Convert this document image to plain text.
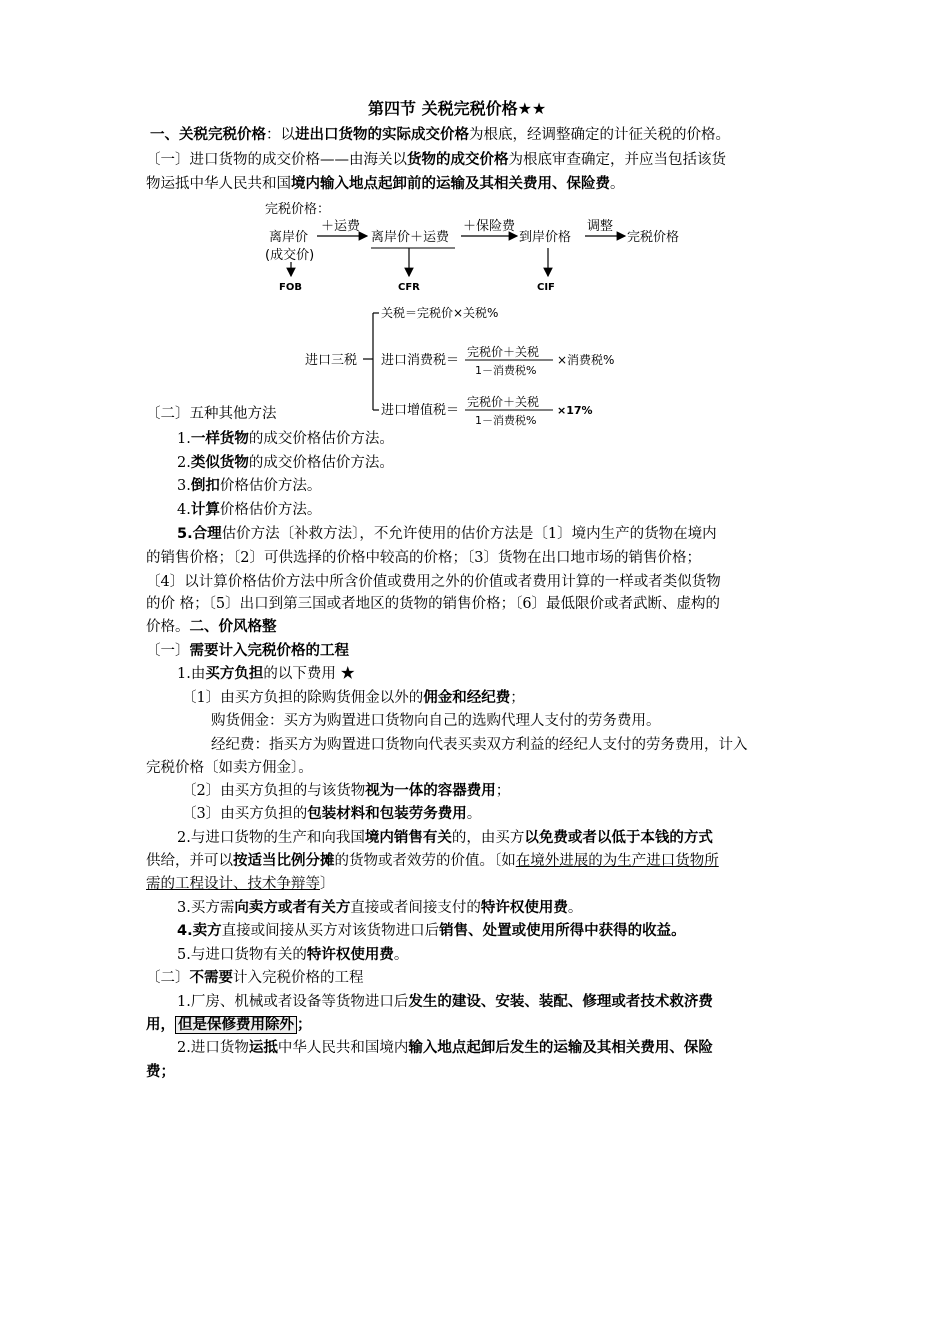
第四节 关税完税价格★★
一、关税完税价格：以进出口货物的实际成交价格为根底，经调整确定的计征关税的价格。
〔一〕进口货物的成交价格——由海关以货物的成交价格为根底审查确定，并应当包括该货
物运抵中华人民共和国境内输入地点起卸前的运输及其相关费用、保险费。
完税价格：
离岸价
(成交价)
＋运费
离岸价＋运费
＋保险费
到岸价格
调整
完税价格
FOB	CFR	CIF
进口三税
关税＝完税价×关税%
进口消费税＝
完税价＋关税
1－消费税%
×消费税%
进口增值税＝
完税价＋关税
1－消费税%
×17%
〔二〕五种其他方法
1.一样货物的成交价格估价方法。
2.类似货物的成交价格估价方法。
3.倒扣价格估价方法。
4.计算价格估价方法。
5.合理估价方法〔补救方法〕，不允许使用的估价方法是〔1〕境内生产的货物在境内
的销售价格；〔2〕可供选择的价格中较高的价格；〔3〕货物在出口地市场的销售价格；
〔4〕以计算价格估价方法中所含价值或费用之外的价值或者费用计算的一样或者类似货物
的价 格；〔5〕出口到第三国或者地区的货物的销售价格；〔6〕最低限价或者武断、虚构的
价格。二、价风格整
〔一〕需要计入完税价格的工程
1.由买方负担的以下费用 ★
〔1〕由买方负担的除购货佣金以外的佣金和经纪费；
购货佣金：买方为购置进口货物向自己的选购代理人支付的劳务费用。
经纪费：指买方为购置进口货物向代表买卖双方利益的经纪人支付的劳务费用，计入
完税价格〔如卖方佣金〕。
〔2〕由买方负担的与该货物视为一体的容器费用；
〔3〕由买方负担的包装材料和包装劳务费用。
2.与进口货物的生产和向我国境内销售有关的，由买方以免费或者以低于本钱的方式
供给，并可以按适当比例分摊的货物或者效劳的价值。〔如在境外进展的为生产进口货物所
需的工程设计、技术争辩等〕
3.买方需向卖方或者有关方直接或者间接支付的特许权使用费。
4.卖方直接或间接从买方对该货物进口后销售、处置或使用所得中获得的收益。
5.与进口货物有关的特许权使用费。
〔二〕不需要计入完税价格的工程
1.厂房、机械或者设备等货物进口后发生的建设、安装、装配、修理或者技术救济费
用， 但是保修费用除外 ；
2.进口货物运抵中华人民共和国境内输入地点起卸后发生的运输及其相关费用、保险
费；
